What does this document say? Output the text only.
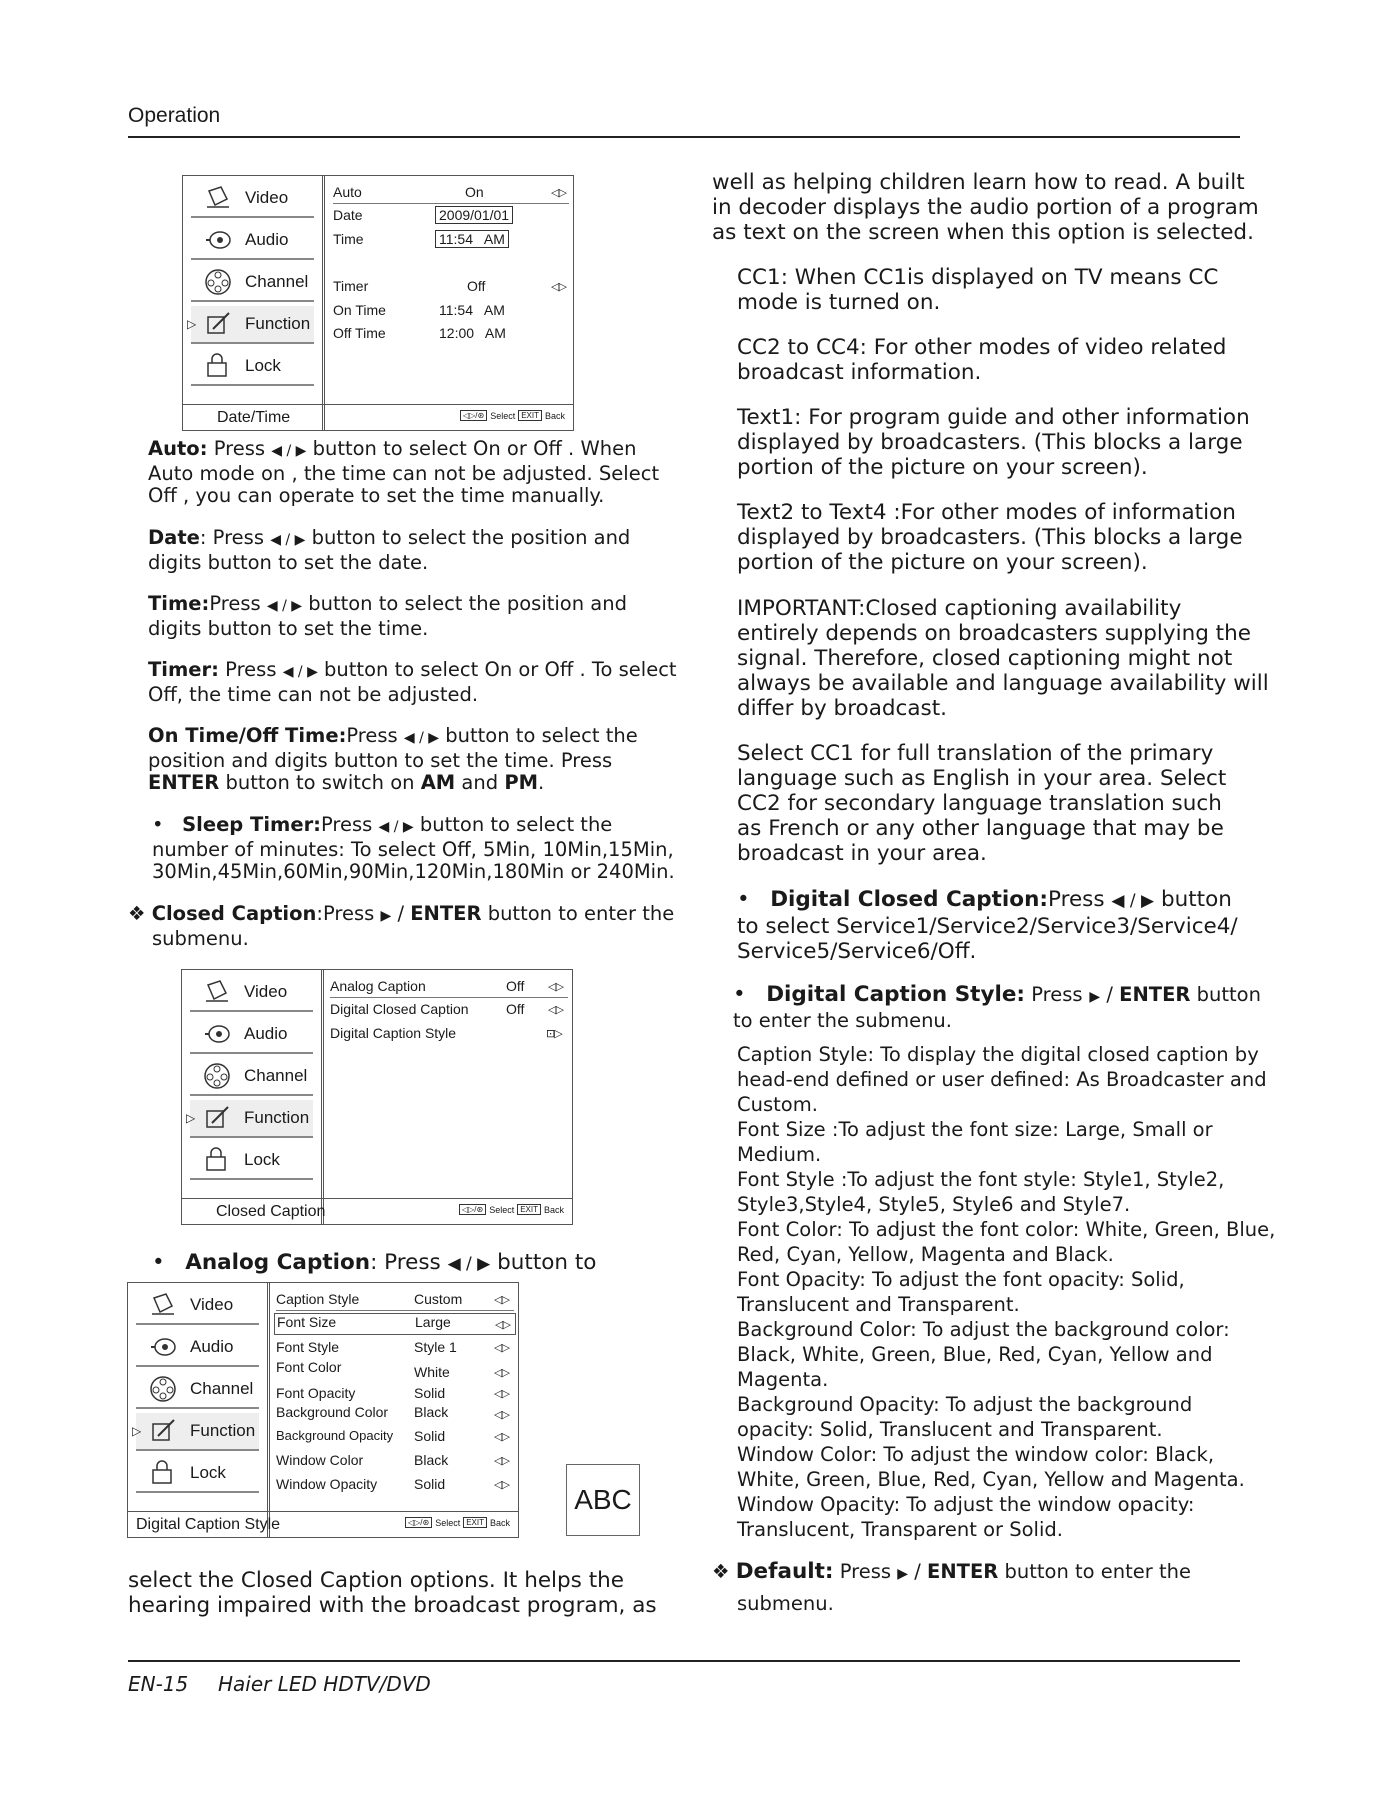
Operation
Video
Audio
Channel
▷	Function
Lock
Auto	On	◁▷
Date	2009/01/01
Time	11:54   AM
Timer	Off	◁▷
On Time	11:54   AM
Off Time	12:00   AM
Date/Time	◁▷/⊛ Select EXIT Back
Auto: Press ◀ / ▶ button to select On or Off . When
Auto mode on , the time can not be adjusted. Select
Off , you can operate to set the time manually.
Date: Press ◀ / ▶ button to select the position and
digits button to set the date.
Time:Press ◀ / ▶ button to select the position and
digits button to set the time.
Timer: Press ◀ / ▶ button to select On or Off . To select
Off, the time can not be adjusted.
On Time/Off Time:Press ◀ / ▶ button to select the
position and digits button to set the time. Press
ENTER button to switch on AM and PM.
•   Sleep Timer:Press ◀ / ▶ button to select the
number of minutes: To select Off, 5Min, 10Min,15Min,
30Min,45Min,60Min,90Min,120Min,180Min or 240Min.
❖ Closed Caption:Press ▶ / ENTER button to enter the
submenu.
Video
Audio
Channel
▷	Function
Lock
Analog Caption	Off ◁▷
Digital Closed Caption	Off ◁▷
Digital Caption Style	⊡▷
Closed Caption	◁▷/⊛ Select EXIT Back
•   Analog Caption: Press ◀ / ▶ button to
Video
Audio
Channel
▷	Function
Lock
Caption Style	Custom	◁▷
Font Size	Large	◁▷
Font Style	Style 1	◁▷
Font Color	White	◁▷
Font Opacity	Solid	◁▷
Background Color Black	◁▷
Background Opacity Solid	◁▷
Window Color	Black	◁▷
Window Opacity	Solid	◁▷
Digital Caption Style	◁▷/⊛ Select EXIT Back
ABC
select the Closed Caption options. It helps the
hearing impaired with the broadcast program, as
well as helping children learn how to read. A built
in decoder displays the audio portion of a program
as text on the screen when this option is selected.
CC1: When CC1is displayed on TV means CC
mode is turned on.
CC2 to CC4: For other modes of video related
broadcast information.
Text1: For program guide and other information
displayed by broadcasters. (This blocks a large
portion of the picture on your screen).
Text2 to Text4 :For other modes of information
displayed by broadcasters. (This blocks a large
portion of the picture on your screen).
IMPORTANT:Closed captioning availability
entirely depends on broadcasters supplying the
signal. Therefore, closed captioning might not
always be available and language availability will
differ by broadcast.
Select CC1 for full translation of the primary
language such as English in your area. Select
CC2 for secondary language translation such
as French or any other language that may be
broadcast in your area.
•   Digital Closed Caption:Press ◀ / ▶ button
to select Service1/Service2/Service3/Service4/
Service5/Service6/Off.
•   Digital Caption Style: Press ▶ / ENTER button
to enter the submenu.
Caption Style: To display the digital closed caption by
head-end defined or user defined: As Broadcaster and
Custom.
Font Size :To adjust the font size: Large, Small or
Medium.
Font Style :To adjust the font style: Style1, Style2,
Style3,Style4, Style5, Style6 and Style7.
Font Color: To adjust the font color: White, Green, Blue,
Red, Cyan, Yellow, Magenta and Black.
Font Opacity: To adjust the font opacity: Solid,
Translucent and Transparent.
Background Color: To adjust the background color:
Black, White, Green, Blue, Red, Cyan, Yellow and
Magenta.
Background Opacity: To adjust the background
opacity: Solid, Translucent and Transparent.
Window Color: To adjust the window color: Black,
White, Green, Blue, Red, Cyan, Yellow and Magenta.
Window Opacity: To adjust the window opacity:
Translucent, Transparent or Solid.
❖ Default: Press ▶ / ENTER button to enter the
submenu.
EN-15 Haier LED HDTV/DVD
